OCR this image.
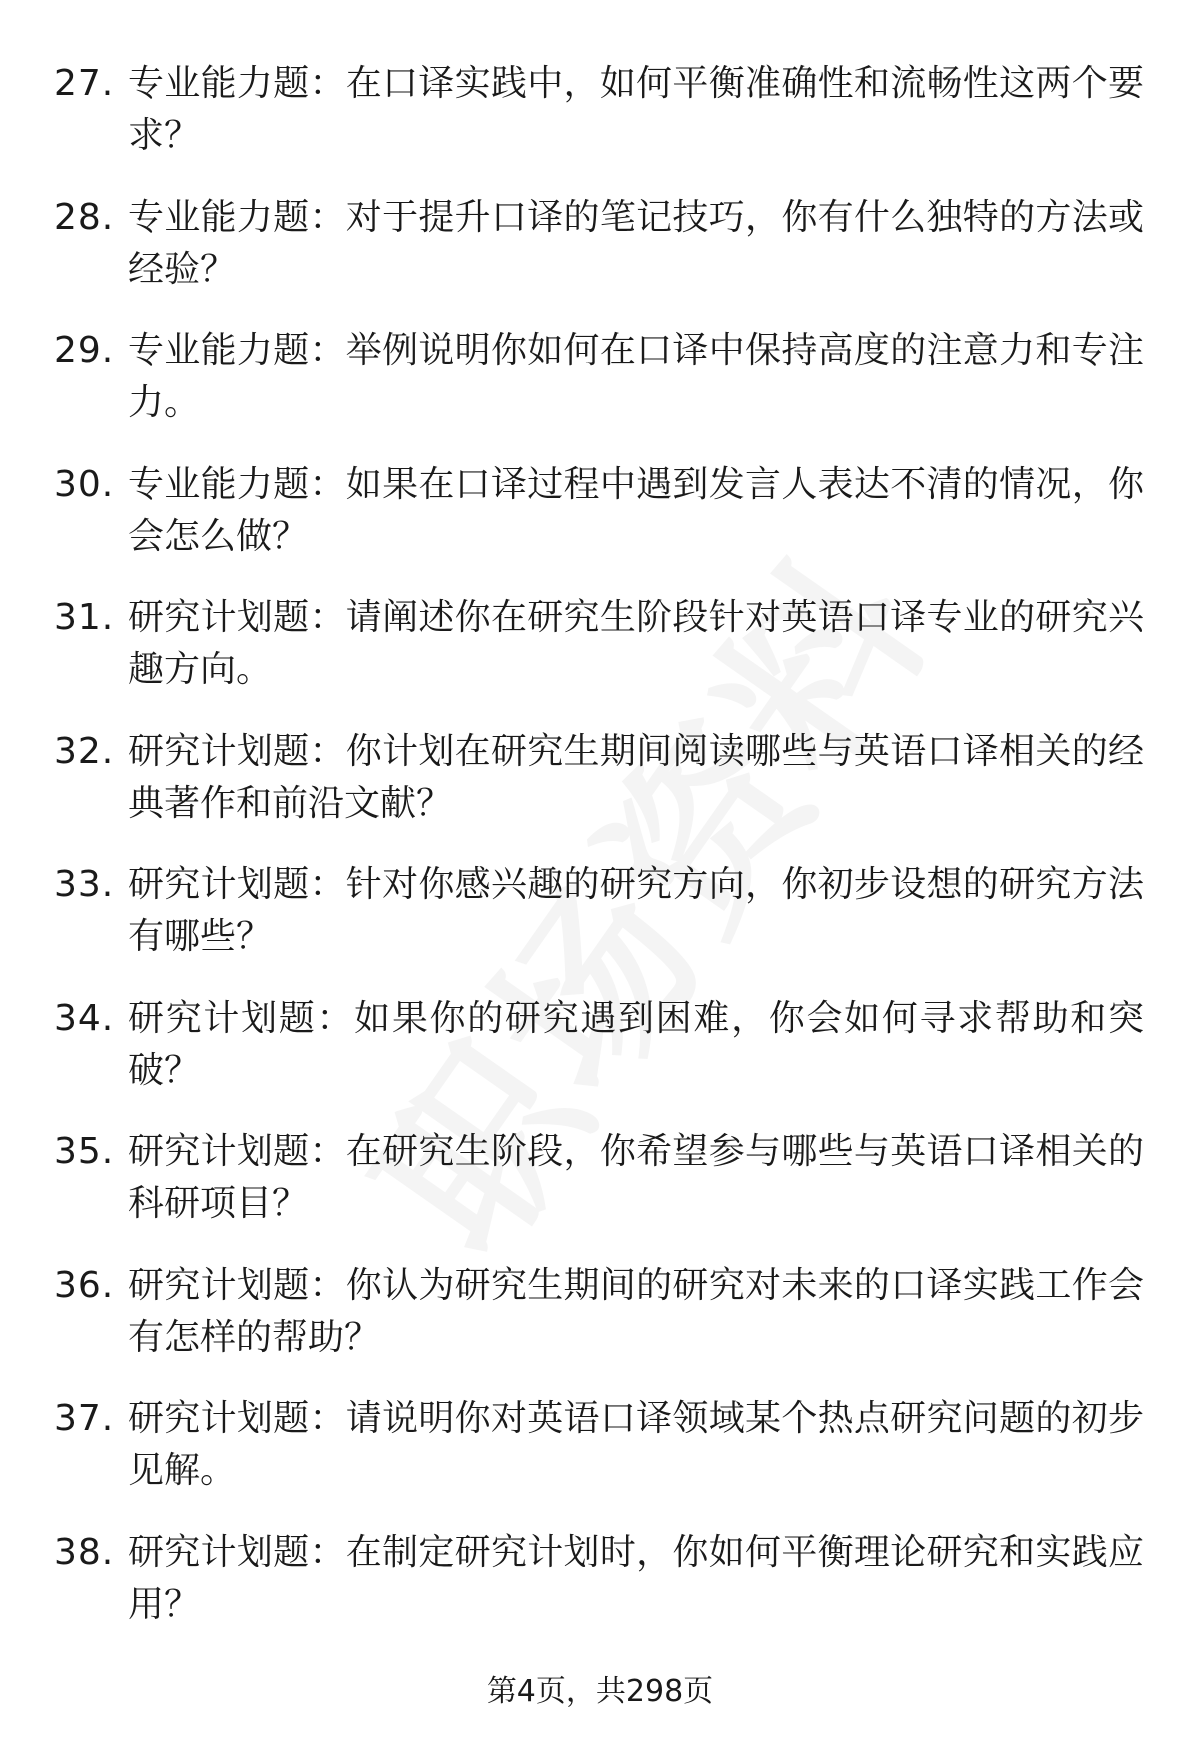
27. 专业能力题：在口译实践中，如何平衡准确性和流畅性这两个要求？
28. 专业能力题：对于提升口译的笔记技巧，你有什么独特的方法或经验？
29. 专业能力题：举例说明你如何在口译中保持高度的注意力和专注力。
30. 专业能力题：如果在口译过程中遇到发言人表达不清的情况，你会怎么做？
31. 研究计划题：请阐述你在研究生阶段针对英语口译专业的研究兴趣方向。
32. 研究计划题：你计划在研究生期间阅读哪些与英语口译相关的经典著作和前沿文献？
33. 研究计划题：针对你感兴趣的研究方向，你初步设想的研究方法有哪些？
34. 研究计划题：如果你的研究遇到困难，你会如何寻求帮助和突破？
35. 研究计划题：在研究生阶段，你希望参与哪些与英语口译相关的科研项目？
36. 研究计划题：你认为研究生期间的研究对未来的口译实践工作会有怎样的帮助？
37. 研究计划题：请说明你对英语口译领域某个热点研究问题的初步见解。
38. 研究计划题：在制定研究计划时，你如何平衡理论研究和实践应用？
第4页，共298页
